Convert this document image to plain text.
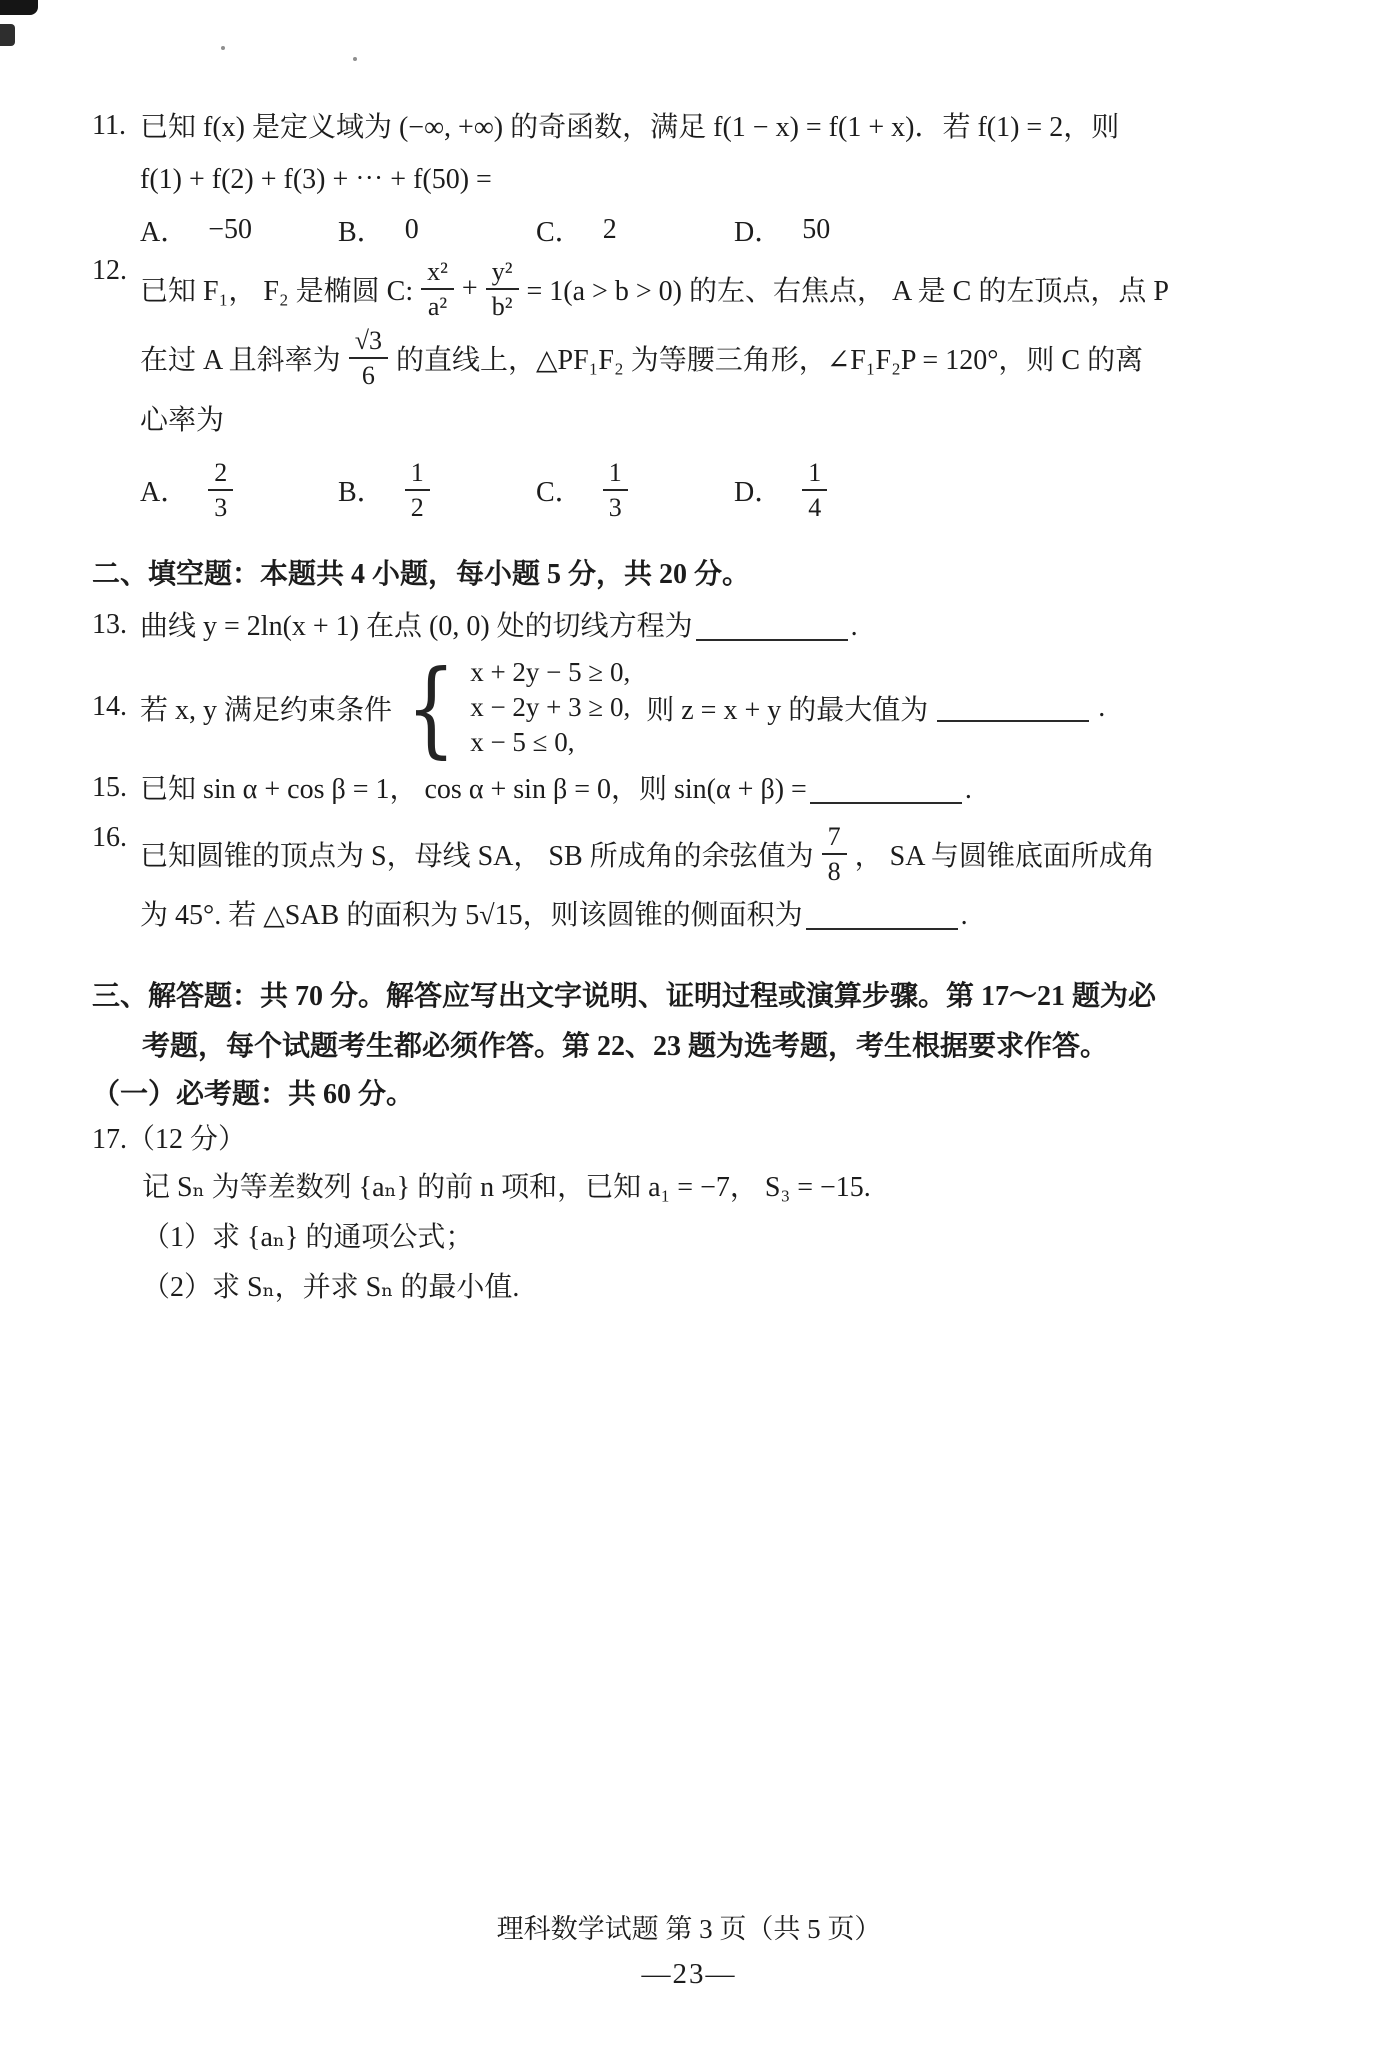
11. 已知 f(x) 是定义域为 (−∞, +∞) 的奇函数，满足 f(1 − x) = f(1 + x)．若 f(1) = 2，则
f(1) + f(2) + f(3) + ⋯ + f(50) =
A． −50	B． 0	C． 2	D． 50
12.
已知 F₁， F₂ 是椭圆 C: $\frac{\text{x²}}{\text{a²}} + \frac{\text{y²}}{\text{b²}} = 1(a > b > 0)$ 的左、右焦点， A 是 C 的左顶点，点 P
在过 A 且斜率为 $\frac{√3}{6}$ 的直线上，△PF₁F₂ 为等腰三角形，∠F₁F₂P = 120°，则 C 的离
心率为
A． $\frac{2}{3}$	B． $\frac{1}{2}$	C． $\frac{1}{3}$	D． $\frac{1}{4}$
二、填空题：本题共 4 小题，每小题 5 分，共 20 分。
13. 曲线 y = 2ln(x + 1) 在点 (0, 0) 处的切线方程为	.
14. 若 x, y 满足约束条件 { x + 2y − 5 ≥ 0,
x − 2y + 3 ≥ 0,
x − 5 ≤ 0,
则 z = x + y 的最大值为	.
15. 已知 sin α + cos β = 1， cos α + sin β = 0，则 sin(α + β) =	.
16.
已知圆锥的顶点为 S，母线 SA， SB 所成角的余弦值为 $\frac{7}{8}$ ， SA 与圆锥底面所成角
为 45°. 若 △SAB 的面积为 5√15，则该圆锥的侧面积为	.
三、解答题：共 70 分。解答应写出文字说明、证明过程或演算步骤。第 17～21 题为必
考题，每个试题考生都必须作答。第 22、23 题为选考题，考生根据要求作答。
（一）必考题：共 60 分。
17.（12 分）
记 Sₙ 为等差数列 {aₙ} 的前 n 项和，已知 a₁ = −7， S₃ = −15.
（1）求 {aₙ} 的通项公式；
（2）求 Sₙ，并求 Sₙ 的最小值.
理科数学试题 第 3 页（共 5 页）
—23—
